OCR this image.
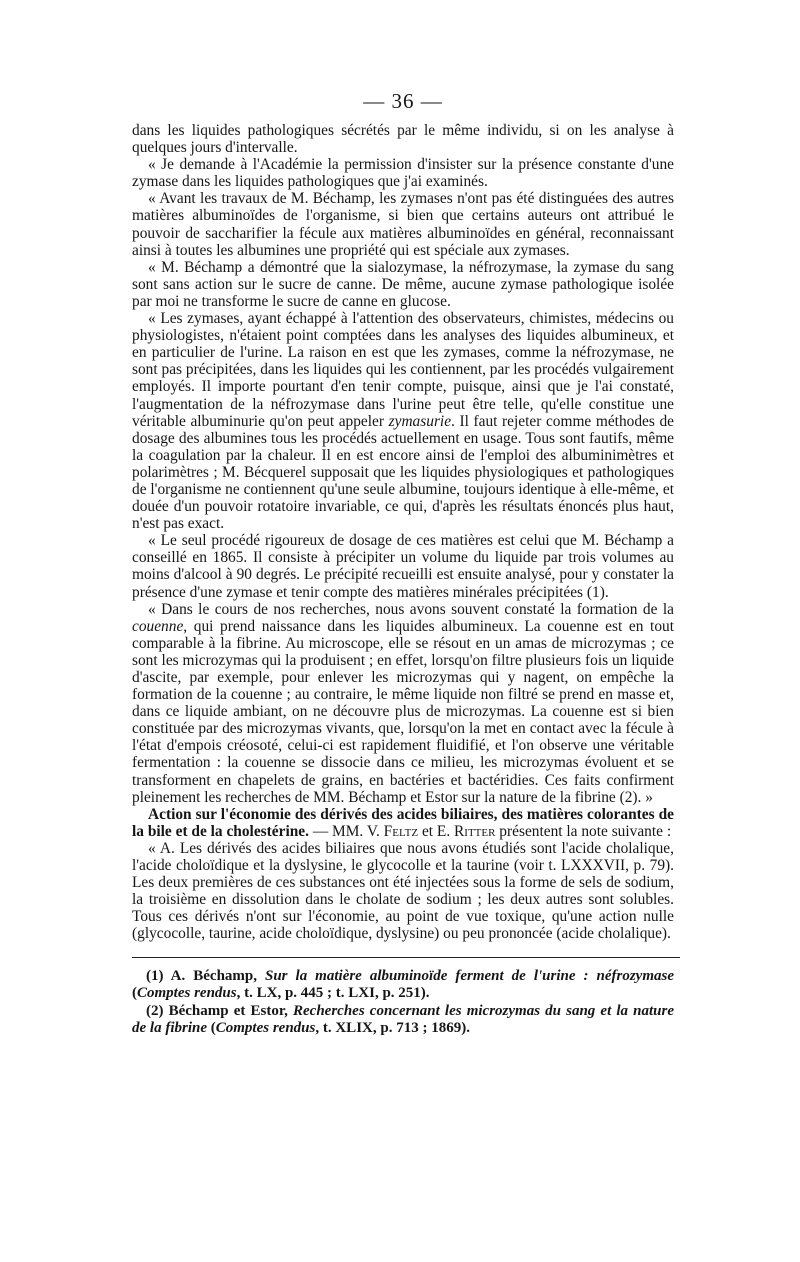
— 36 —

dans les liquides pathologiques sécrétés par le même individu, si on les analyse à quelques jours d'intervalle.

« Je demande à l'Académie la permission d'insister sur la présence constante d'une zymase dans les liquides pathologiques que j'ai examinés.

« Avant les travaux de M. Béchamp, les zymases n'ont pas été distinguées des autres matières albuminoïdes de l'organisme, si bien que certains auteurs ont attribué le pouvoir de saccharifier la fécule aux matières albuminoïdes en général, reconnaissant ainsi à toutes les albumines une propriété qui est spéciale aux zymases.

« M. Béchamp a démontré que la sialozymase, la néfrozymase, la zymase du sang sont sans action sur le sucre de canne. De même, aucune zymase pathologique isolée par moi ne transforme le sucre de canne en glucose.

« Les zymases, ayant échappé à l'attention des observateurs, chimistes, médecins ou physiologistes, n'étaient point comptées dans les analyses des liquides albumineux, et en particulier de l'urine. La raison en est que les zymases, comme la néfrozymase, ne sont pas précipitées, dans les liquides qui les contiennent, par les procédés vulgairement employés. Il importe pourtant d'en tenir compte, puisque, ainsi que je l'ai constaté, l'augmentation de la néfrozymase dans l'urine peut être telle, qu'elle constitue une véritable albuminurie qu'on peut appeler zymasurie. Il faut rejeter comme méthodes de dosage des albumines tous les procédés actuellement en usage. Tous sont fautifs, même la coagulation par la chaleur. Il en est encore ainsi de l'emploi des albuminimètres et polarimètres ; M. Bécquerel supposait que les liquides physiologiques et pathologiques de l'organisme ne contiennent qu'une seule albumine, toujours identique à elle-même, et douée d'un pouvoir rotatoire invariable, ce qui, d'après les résultats énoncés plus haut, n'est pas exact.

« Le seul procédé rigoureux de dosage de ces matières est celui que M. Béchamp a conseillé en 1865. Il consiste à précipiter un volume du liquide par trois volumes au moins d'alcool à 90 degrés. Le précipité recueilli est ensuite analysé, pour y constater la présence d'une zymase et tenir compte des matières minérales précipitées (1).

« Dans le cours de nos recherches, nous avons souvent constaté la formation de la couenne, qui prend naissance dans les liquides albumineux. La couenne est en tout comparable à la fibrine. Au microscope, elle se résout en un amas de microzymas ; ce sont les microzymas qui la produisent ; en effet, lorsqu'on filtre plusieurs fois un liquide d'ascite, par exemple, pour enlever les microzymas qui y nagent, on empêche la formation de la couenne ; au contraire, le même liquide non filtré se prend en masse et, dans ce liquide ambiant, on ne découvre plus de microzymas. La couenne est si bien constituée par des microzymas vivants, que, lorsqu'on la met en contact avec la fécule à l'état d'empois créosoté, celui-ci est rapidement fluidifié, et l'on observe une véritable fermentation : la couenne se dissocie dans ce milieu, les microzymas évoluent et se transforment en chapelets de grains, en bactéries et bactéridies. Ces faits confirment pleinement les recherches de MM. Béchamp et Estor sur la nature de la fibrine (2). »

Action sur l'économie des dérivés des acides biliaires, des matières colorantes de la bile et de la cholestérine. — MM. V. Feltz et E. Ritter présentent la note suivante :

« A. Les dérivés des acides biliaires que nous avons étudiés sont l'acide cholalique, l'acide choloïdique et la dyslysine, le glycocolle et la taurine (voir t. LXXXVII, p. 79). Les deux premières de ces substances ont été injectées sous la forme de sels de sodium, la troisième en dissolution dans le cholate de sodium ; les deux autres sont solubles. Tous ces dérivés n'ont sur l'économie, au point de vue toxique, qu'une action nulle (glycocolle, taurine, acide choloïdique, dyslysine) ou peu prononcée (acide cholalique).

(1) A. Béchamp, Sur la matière albuminoïde ferment de l'urine : néfrozymase (Comptes rendus, t. LX, p. 445 ; t. LXI, p. 251).

(2) Béchamp et Estor, Recherches concernant les microzymas du sang et la nature de la fibrine (Comptes rendus, t. XLIX, p. 713 ; 1869).
